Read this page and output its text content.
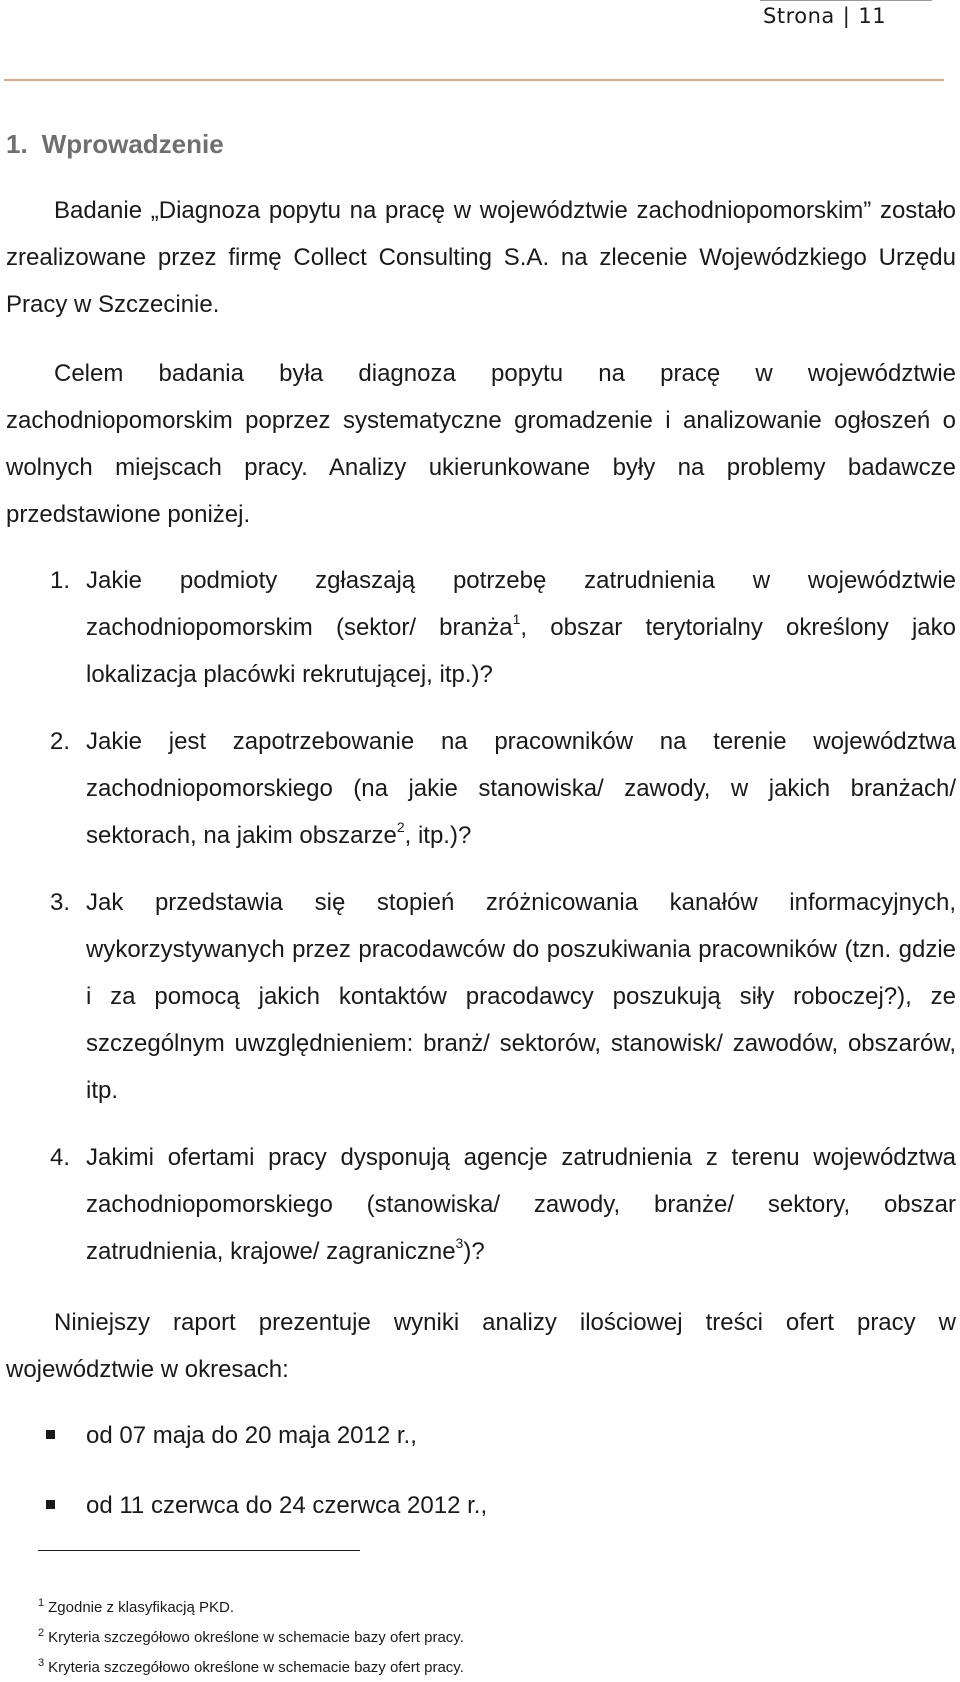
Strona | 11
1. Wprowadzenie

Badanie „Diagnoza popytu na pracę w województwie zachodniopomorskim” zostało zrealizowane przez firmę Collect Consulting S.A. na zlecenie Wojewódzkiego Urzędu Pracy w Szczecinie.

Celem badania była diagnoza popytu na pracę w województwie zachodniopomorskim poprzez systematyczne gromadzenie i analizowanie ogłoszeń o wolnych miejscach pracy. Analizy ukierunkowane były na problemy badawcze przedstawione poniżej.

1. Jakie podmioty zgłaszają potrzebę zatrudnienia w województwie zachodniopomorskim (sektor/ branża$^1$, obszar terytorialny określony jako lokalizacja placówki rekrutującej, itp.)?
2. Jakie jest zapotrzebowanie na pracowników na terenie województwa zachodniopomorskiego (na jakie stanowiska/ zawody, w jakich branżach/ sektorach, na jakim obszarze$^2$, itp.)?
3. Jak przedstawia się stopień zróżnicowania kanałów informacyjnych, wykorzystywanych przez pracodawców do poszukiwania pracowników (tzn. gdzie i za pomocą jakich kontaktów pracodawcy poszukują siły roboczej?), ze szczególnym uwzględnieniem: branż/ sektorów, stanowisk/ zawodów, obszarów, itp.
4. Jakimi ofertami pracy dysponują agencje zatrudnienia z terenu województwa zachodniopomorskiego (stanowiska/ zawody, branże/ sektory, obszar zatrudnienia, krajowe/ zagraniczne$^3$)?

Niniejszy raport prezentuje wyniki analizy ilościowej treści ofert pracy w województwie w okresach:

od 07 maja do 20 maja 2012 r.,
od 11 czerwca do 24 czerwca 2012 r.,
$^1$ Zgodnie z klasyfikacją PKD.
$^2$ Kryteria szczegółowo określone w schemacie bazy ofert pracy.
$^3$ Kryteria szczegółowo określone w schemacie bazy ofert pracy.
